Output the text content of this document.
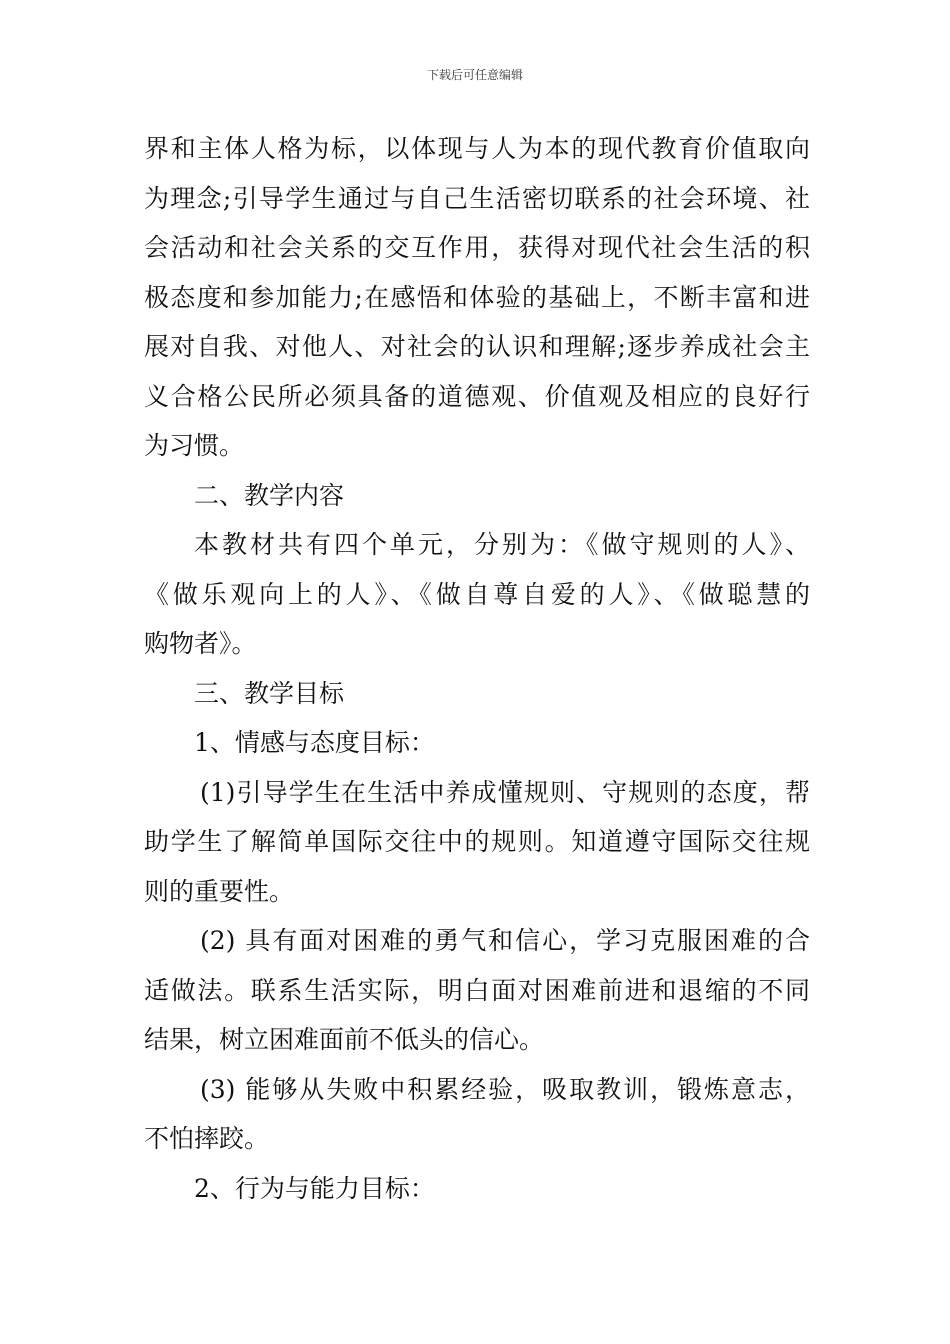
下载后可任意编辑
界和主体人格为标，以体现与人为本的现代教育价值取向
为理念;引导学生通过与自己生活密切联系的社会环境、社
会活动和社会关系的交互作用，获得对现代社会生活的积
极态度和参加能力;在感悟和体验的基础上，不断丰富和进
展对自我、对他人、对社会的认识和理解;逐步养成社会主
义合格公民所必须具备的道德观、价值观及相应的良好行
为习惯。
二、教学内容
本教材共有四个单元，分别为：《做守规则的人》、
《做乐观向上的人》、《做自尊自爱的人》、《做聪慧的
购物者》。
三、教学目标
1、情感与态度目标：
(1)引导学生在生活中养成懂规则、守规则的态度，帮
助学生了解简单国际交往中的规则。知道遵守国际交往规
则的重要性。
(2) 具有面对困难的勇气和信心，学习克服困难的合
适做法。联系生活实际，明白面对困难前进和退缩的不同
结果，树立困难面前不低头的信心。
(3) 能够从失败中积累经验，吸取教训，锻炼意志，
不怕摔跤。
2、行为与能力目标：
